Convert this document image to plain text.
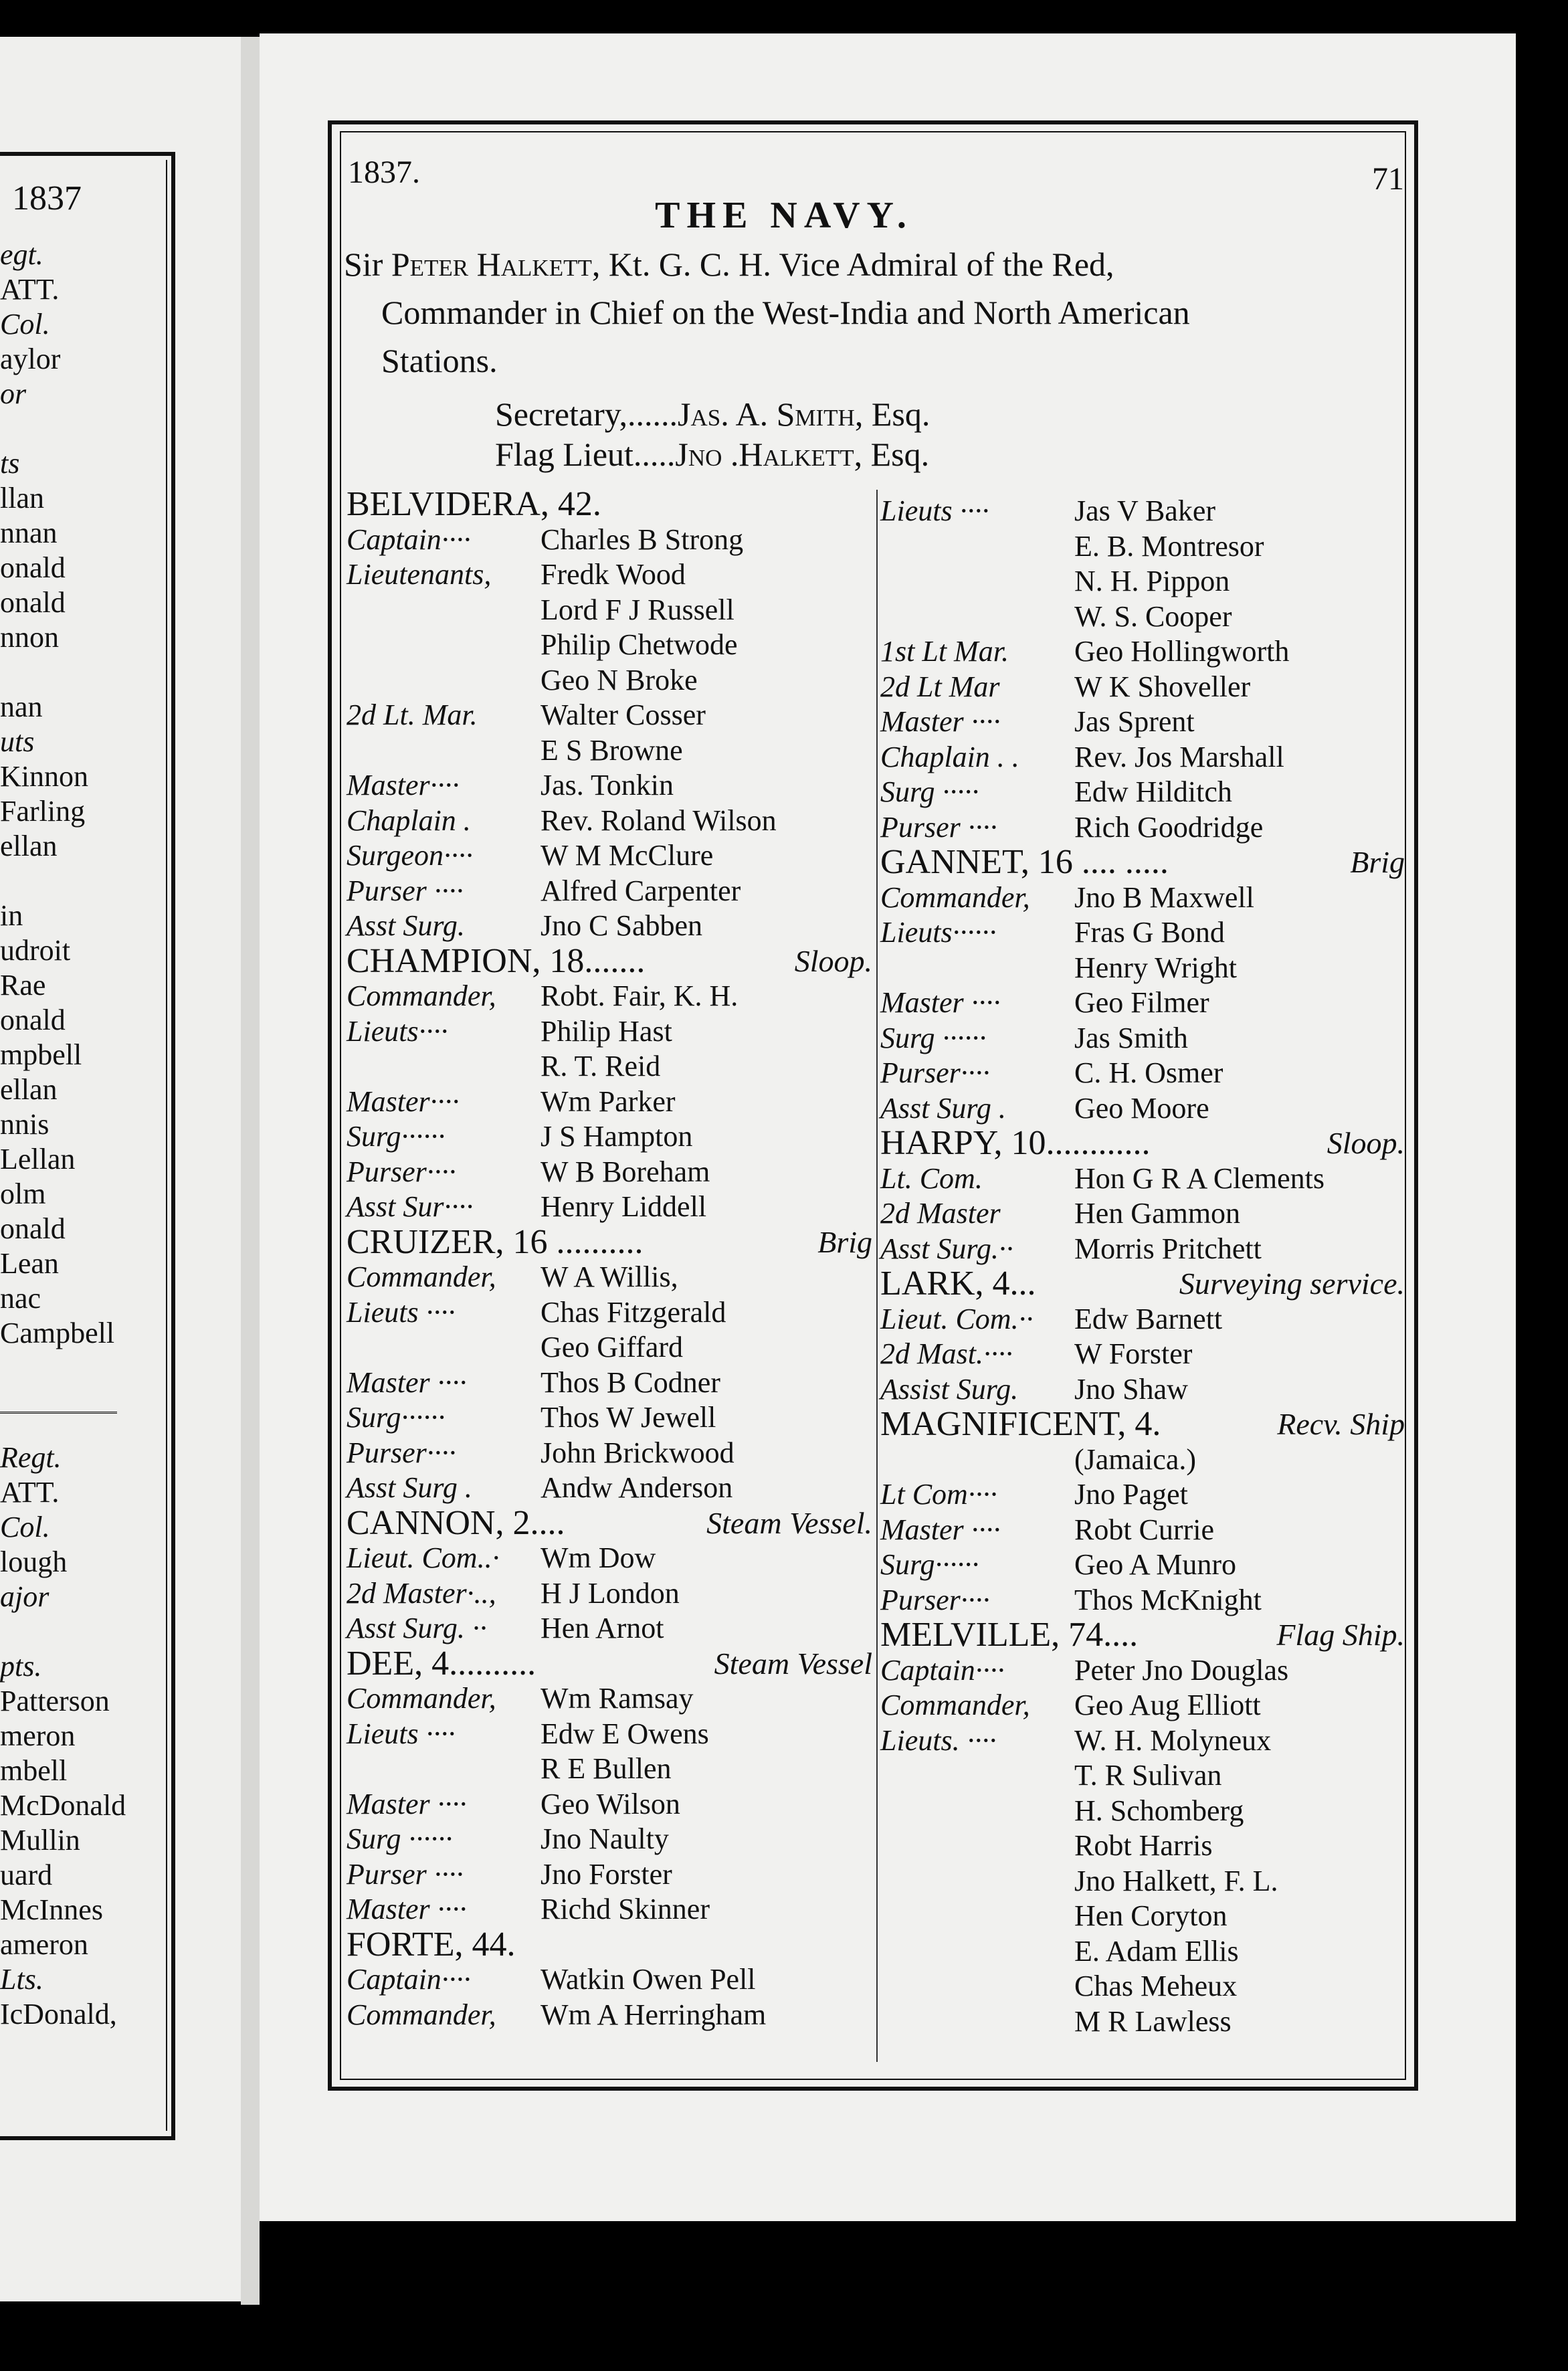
1837
egt.
ATT.
Col.
aylor
or
ts
llan
nnan
onald
onald
nnon
nan
uts
Kinnon
Farling
ellan
in
udroit
Rae
onald
mpbell
ellan
nnis
Lellan
olm
onald
Lean
nac
Campbell
Regt.
ATT.
Col.
lough
ajor
pts.
Patterson
meron
mbell
McDonald
Mullin
uard
McInnes
ameron
Lts.
IcDonald,
1837.	71
THE NAVY.
Sir Peter Halkett, Kt. G. C. H. Vice Admiral of the Red,
Commander in Chief on the West-India and North American
Stations.
Secretary,......Jas. A. Smith, Esq.
Flag Lieut.....Jno .Halkett, Esq.
BELVIDERA, 42.
Captain···· Charles B Strong
Lieutenants, Fredk Wood
Lord F J Russell
Philip Chetwode
Geo N Broke
2d Lt. Mar. Walter Cosser
E S Browne
Master····	Jas. Tonkin
Chaplain . Rev. Roland Wilson
Surgeon···· W M McClure
Purser ····	Alfred Carpenter
Asst Surg.	Jno C Sabben
CHAMPION, 18.......	Sloop.
Commander, Robt. Fair, K. H.
Lieuts····	Philip Hast
R. T. Reid
Master····	Wm Parker
Surg······	J S Hampton
Purser····	W B Boreham
Asst Sur···· Henry Liddell
CRUIZER, 16 ..........	Brig
Commander, W A Willis,
Lieuts ····	Chas Fitzgerald
Geo Giffard
Master ····	Thos B Codner
Surg······	Thos W Jewell
Purser····	John Brickwood
Asst Surg . Andw Anderson
CANNON, 2....	Steam Vessel.
Lieut. Com..· Wm Dow
2d Master·.., H J London
Asst Surg. ·· Hen Arnot
DEE, 4..........	Steam Vessel
Commander, Wm Ramsay
Lieuts ····	Edw E Owens
R E Bullen
Master ····	Geo Wilson
Surg ······	Jno Naulty
Purser ····	Jno Forster
Master ····	Richd Skinner
FORTE, 44.
Captain···· Watkin Owen Pell
Commander, Wm A Herringham
Lieuts ····	Jas V Baker
E. B. Montresor
N. H. Pippon
W. S. Cooper
1st Lt Mar. Geo Hollingworth
2d Lt Mar	W K Shoveller
Master ····	Jas Sprent
Chaplain . . Rev. Jos Marshall
Surg ·····	Edw Hilditch
Purser ····	Rich Goodridge
GANNET, 16 .... .....	Brig
Commander, Jno B Maxwell
Lieuts······	Fras G Bond
Henry Wright
Master ····	Geo Filmer
Surg ······	Jas Smith
Purser····	C. H. Osmer
Asst Surg . Geo Moore
HARPY, 10............	Sloop.
Lt. Com.	Hon G R A Clements
2d Master	Hen Gammon
Asst Surg.·· Morris Pritchett
LARK, 4...	Surveying service.
Lieut. Com.·· Edw Barnett
2d Mast.···· W Forster
Assist Surg. Jno Shaw
MAGNIFICENT, 4.	Recv. Ship
(Jamaica.)
Lt Com····	Jno Paget
Master ····	Robt Currie
Surg······	Geo A Munro
Purser····	Thos McKnight
MELVILLE, 74....	Flag Ship.
Captain···· Peter Jno Douglas
Commander, Geo Aug Elliott
Lieuts. ····	W. H. Molyneux
T. R Sulivan
H. Schomberg
Robt Harris
Jno Halkett, F. L.
Hen Coryton
E. Adam Ellis
Chas Meheux
M R Lawless
